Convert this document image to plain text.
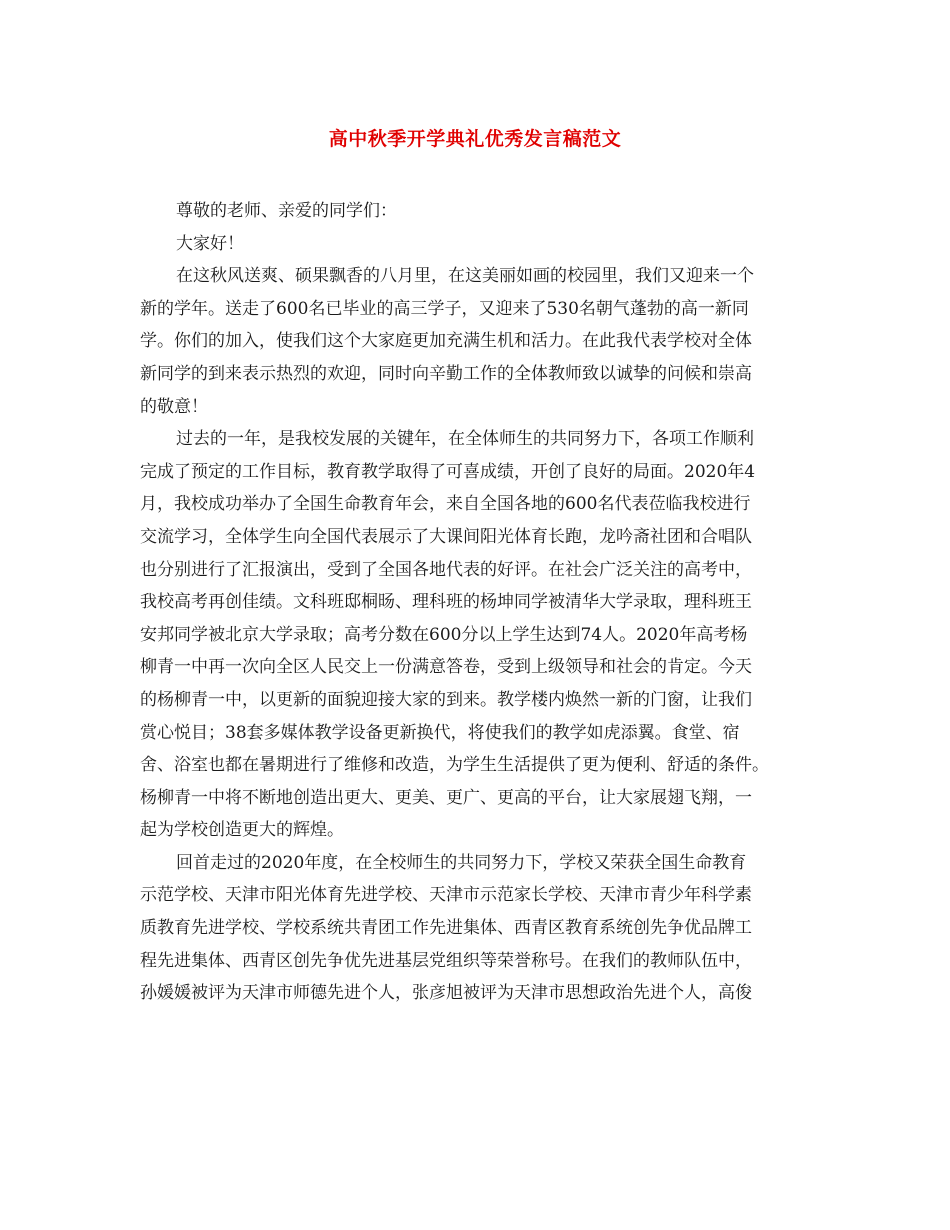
高中秋季开学典礼优秀发言稿范文
尊敬的老师、亲爱的同学们：
大家好！
在这秋风送爽、硕果飘香的八月里，在这美丽如画的校园里，我们又迎来一个
新的学年。送走了600名已毕业的高三学子，又迎来了530名朝气蓬勃的高一新同
学。你们的加入，使我们这个大家庭更加充满生机和活力。在此我代表学校对全体
新同学的到来表示热烈的欢迎，同时向辛勤工作的全体教师致以诚挚的问候和崇高
的敬意！
过去的一年，是我校发展的关键年，在全体师生的共同努力下，各项工作顺利
完成了预定的工作目标，教育教学取得了可喜成绩，开创了良好的局面。2020年4
月，我校成功举办了全国生命教育年会，来自全国各地的600名代表莅临我校进行
交流学习，全体学生向全国代表展示了大课间阳光体育长跑，龙吟斋社团和合唱队
也分别进行了汇报演出，受到了全国各地代表的好评。在社会广泛关注的高考中，
我校高考再创佳绩。文科班邸桐旸、理科班的杨坤同学被清华大学录取，理科班王
安邦同学被北京大学录取；高考分数在600分以上学生达到74人。2020年高考杨
柳青一中再一次向全区人民交上一份满意答卷，受到上级领导和社会的肯定。今天
的杨柳青一中，以更新的面貌迎接大家的到来。教学楼内焕然一新的门窗，让我们
赏心悦目；38套多媒体教学设备更新换代，将使我们的教学如虎添翼。食堂、宿
舍、浴室也都在暑期进行了维修和改造，为学生生活提供了更为便利、舒适的条件。
杨柳青一中将不断地创造出更大、更美、更广、更高的平台，让大家展翅飞翔，一
起为学校创造更大的辉煌。
回首走过的2020年度，在全校师生的共同努力下，学校又荣获全国生命教育
示范学校、天津市阳光体育先进学校、天津市示范家长学校、天津市青少年科学素
质教育先进学校、学校系统共青团工作先进集体、西青区教育系统创先争优品牌工
程先进集体、西青区创先争优先进基层党组织等荣誉称号。在我们的教师队伍中，
孙媛媛被评为天津市师德先进个人，张彦旭被评为天津市思想政治先进个人，高俊
